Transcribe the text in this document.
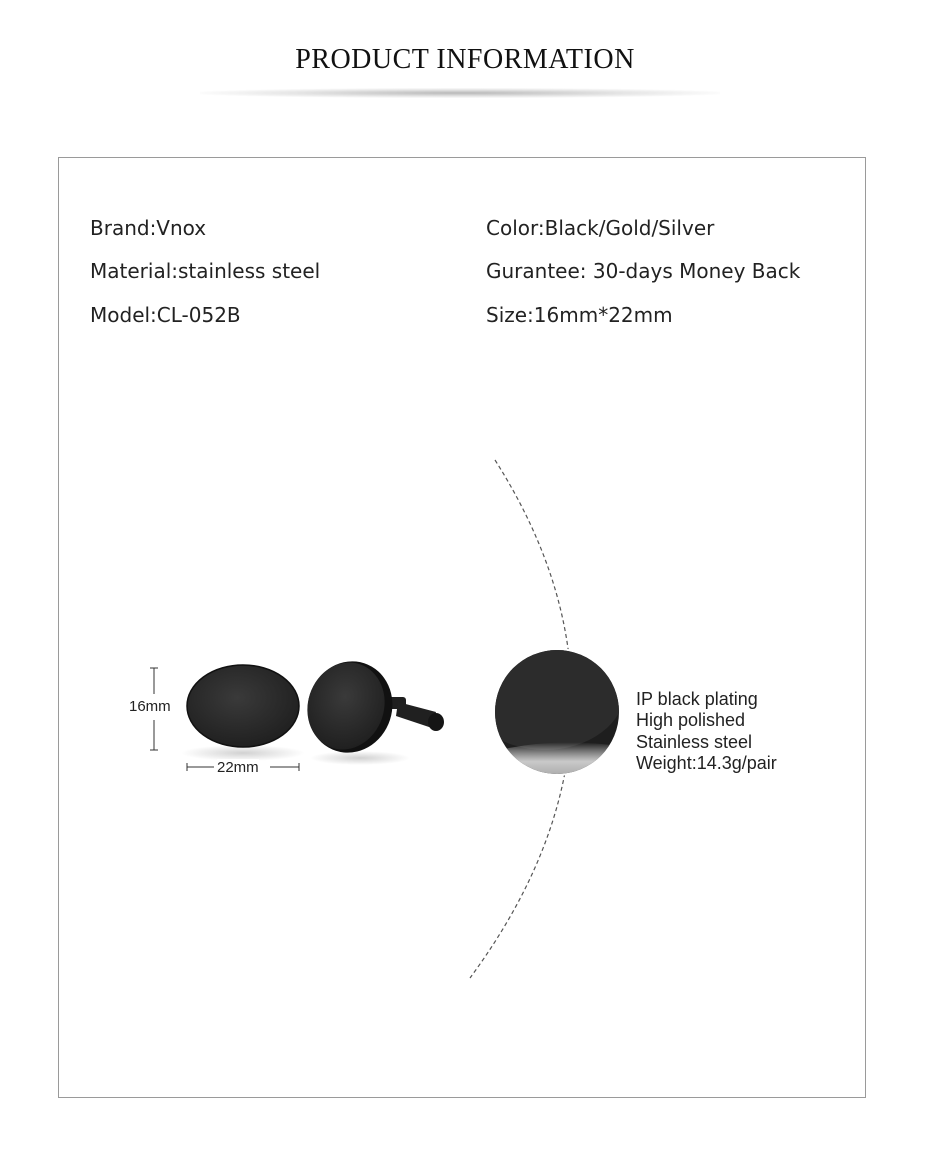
PRODUCT INFORMATION
Brand:Vnox
Material:stainless steel
Model:CL-052B
Color:Black/Gold/Silver
Gurantee: 30-days Money Back
Size:16mm*22mm
16mm
22mm
IP black plating
High polished
Stainless steel
Weight:14.3g/pair
